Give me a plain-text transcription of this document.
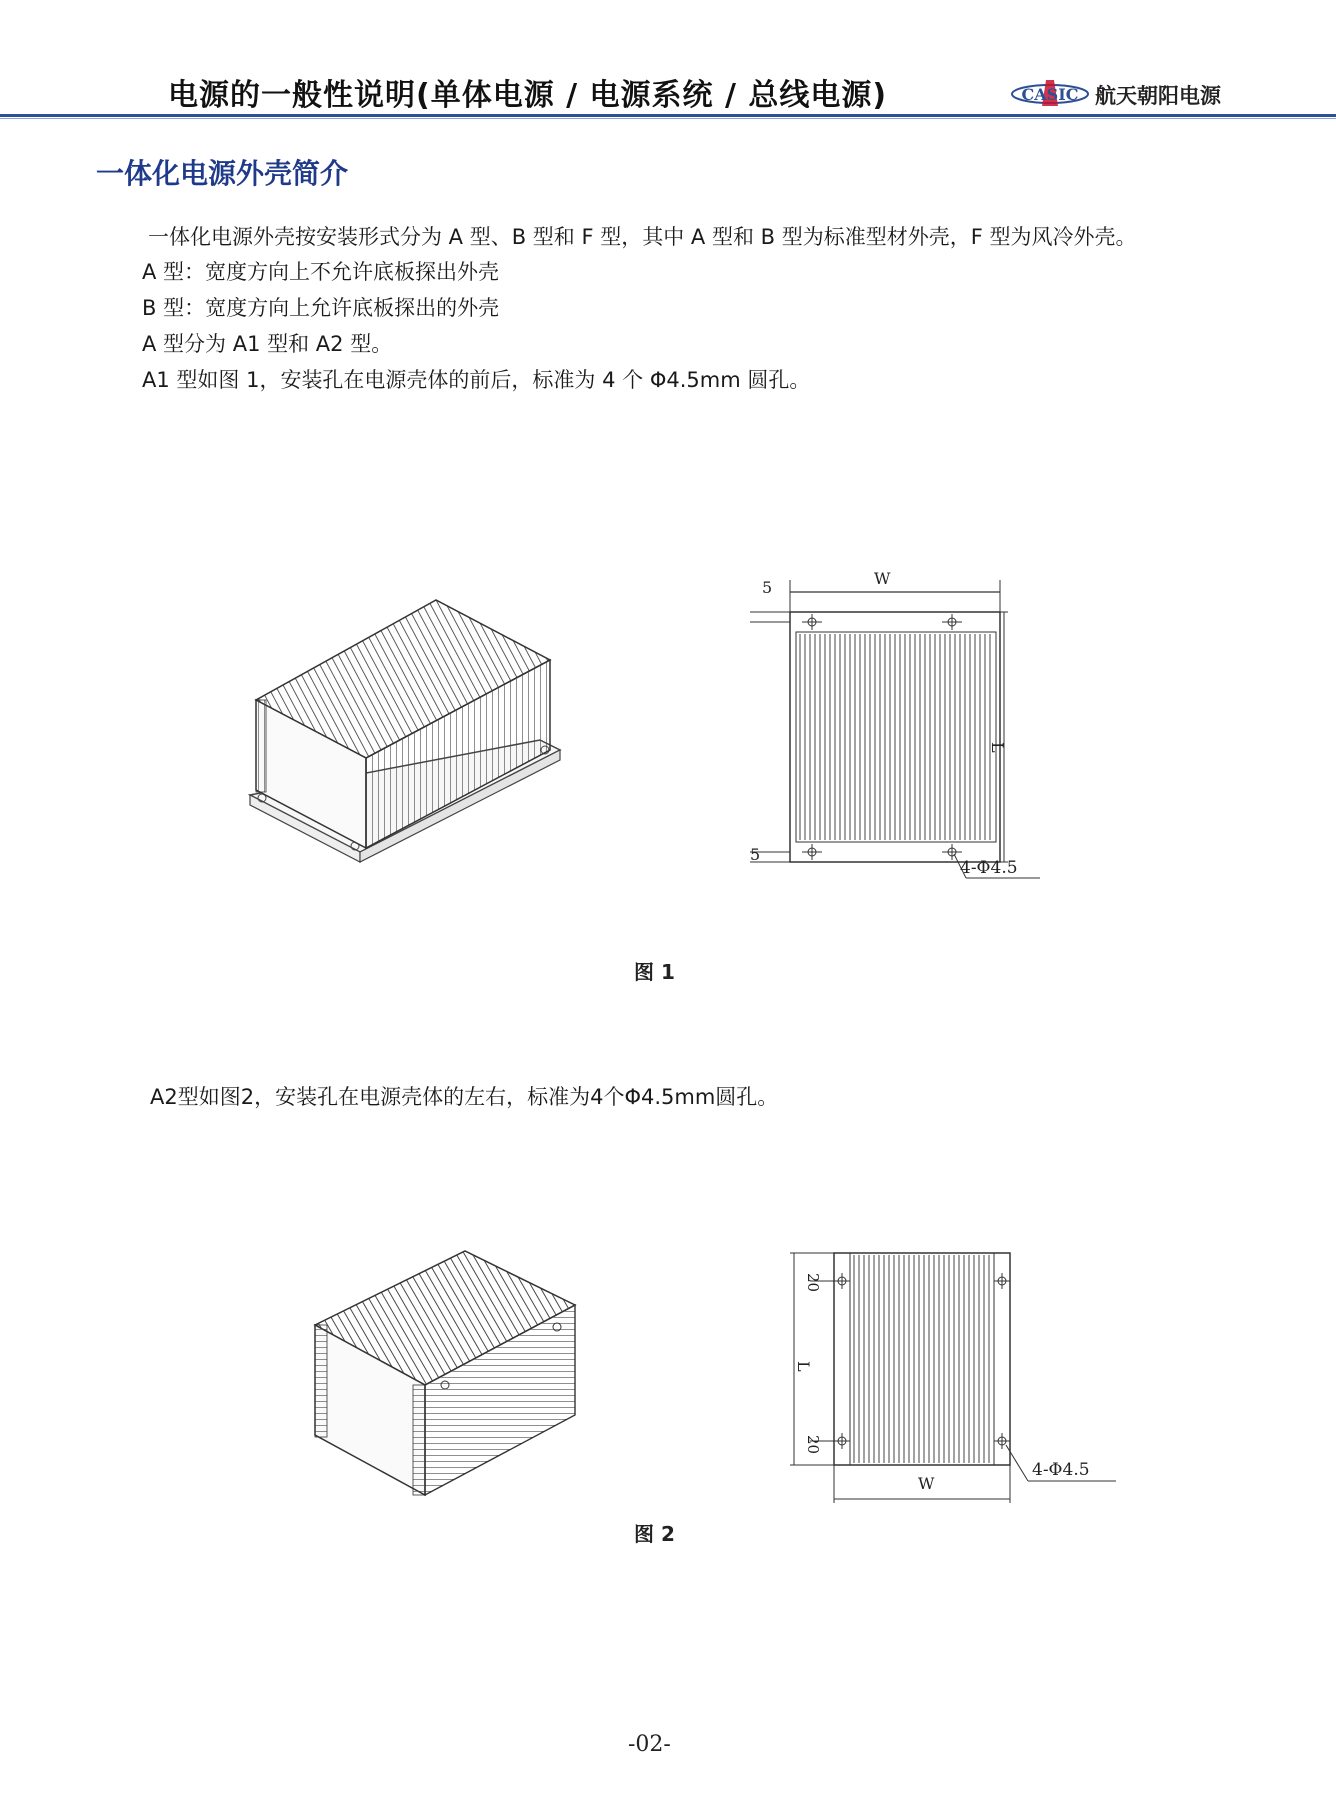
电源的一般性说明(单体电源 / 电源系统 / 总线电源)	CASIC 航天朝阳电源
一体化电源外壳简介
一体化电源外壳按安装形式分为 A 型、B 型和 F 型，其中 A 型和 B 型为标准型材外壳，F 型为风冷外壳。
A 型：宽度方向上不允许底板探出外壳
B 型：宽度方向上允许底板探出的外壳
A 型分为 A1 型和 A2 型。
A1 型如图 1，安装孔在电源壳体的前后，标准为 4 个 Φ4.5mm 圆孔。
W
L
5
5
4-Φ4.5
图 1
A2型如图2，安装孔在电源壳体的左右，标准为4个Φ4.5mm圆孔。
L
20
20
W
4-Φ4.5
图 2
-02-
